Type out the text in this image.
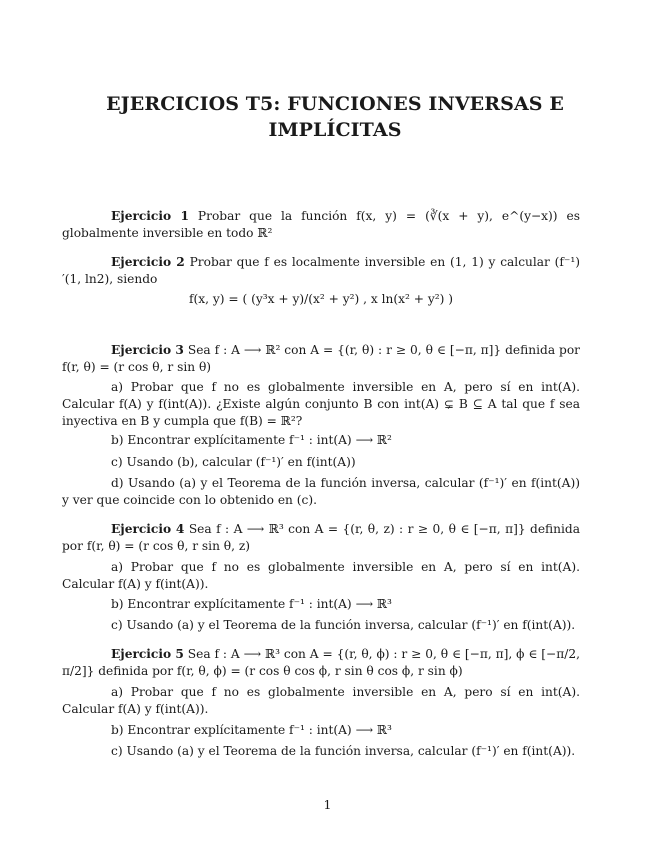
EJERCICIOS T5: FUNCIONES INVERSAS E
IMPLÍCITAS
Ejercicio 1 Probar que la función f(x, y) = (∛(x + y), e^(y−x)) es globalmente inversible en todo ℝ²
Ejercicio 2 Probar que f es localmente inversible en (1, 1) y calcular (f⁻¹)′(1, ln2), siendo
f(x, y) = ( (y³x + y)/(x² + y²) , x ln(x² + y²) )
Ejercicio 3 Sea f : A ⟶ ℝ² con A = {(r, θ) : r ≥ 0, θ ∈ [−π, π]} definida por f(r, θ) = (r cos θ, r sin θ)
a) Probar que f no es globalmente inversible en A, pero sí en int(A). Calcular f(A) y f(int(A)). ¿Existe algún conjunto B con int(A) ⊊ B ⊆ A tal que f sea inyectiva en B y cumpla que f(B) = ℝ²?
b) Encontrar explícitamente f⁻¹ : int(A) ⟶ ℝ²
c) Usando (b), calcular (f⁻¹)′ en f(int(A))
d) Usando (a) y el Teorema de la función inversa, calcular (f⁻¹)′ en f(int(A)) y ver que coincide con lo obtenido en (c).
Ejercicio 4 Sea f : A ⟶ ℝ³ con A = {(r, θ, z) : r ≥ 0, θ ∈ [−π, π]} definida por f(r, θ) = (r cos θ, r sin θ, z)
a) Probar que f no es globalmente inversible en A, pero sí en int(A). Calcular f(A) y f(int(A)).
b) Encontrar explícitamente f⁻¹ : int(A) ⟶ ℝ³
c) Usando (a) y el Teorema de la función inversa, calcular (f⁻¹)′ en f(int(A)).
Ejercicio 5 Sea f : A ⟶ ℝ³ con A = {(r, θ, ϕ) : r ≥ 0, θ ∈ [−π, π], ϕ ∈ [−π/2, π/2]} definida por f(r, θ, ϕ) = (r cos θ cos ϕ, r sin θ cos ϕ, r sin ϕ)
a) Probar que f no es globalmente inversible en A, pero sí en int(A). Calcular f(A) y f(int(A)).
b) Encontrar explícitamente f⁻¹ : int(A) ⟶ ℝ³
c) Usando (a) y el Teorema de la función inversa, calcular (f⁻¹)′ en f(int(A)).
1
